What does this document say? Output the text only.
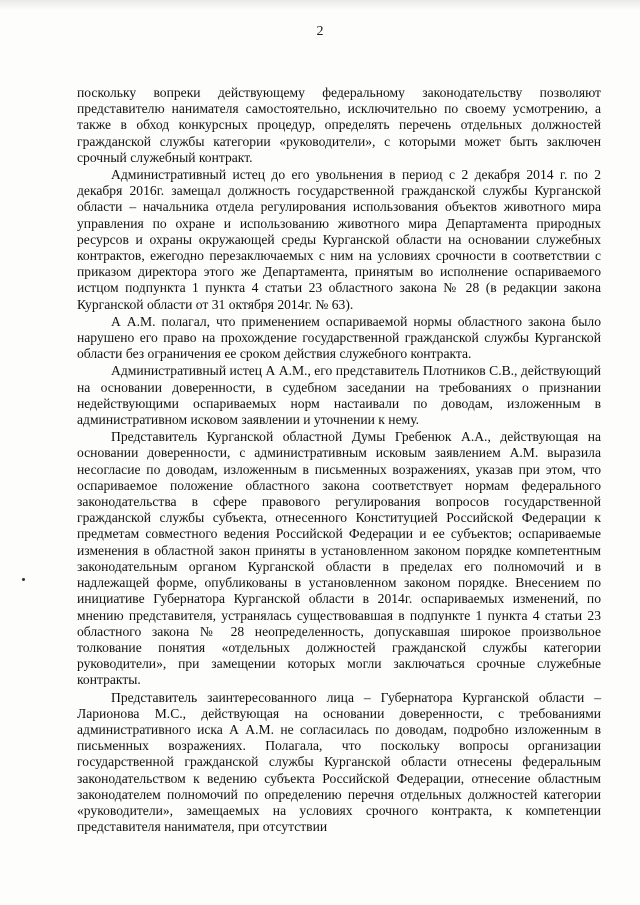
2

поскольку вопреки действующему федеральному законодательству позволяют представителю нанимателя самостоятельно, исключительно по своему усмотрению, а также в обход конкурсных процедур, определять перечень отдельных должностей гражданской службы категории «руководители», с которыми может быть заключен срочный служебный контракт.

Административный истец до его увольнения в период с 2 декабря 2014 г. по 2 декабря 2016г. замещал должность государственной гражданской службы Курганской области – начальника отдела регулирования использования объектов животного мира управления по охране и использованию животного мира Департамента природных ресурсов и охраны окружающей среды Курганской области на основании служебных контрактов, ежегодно перезаключаемых с ним на условиях срочности в соответствии с приказом директора этого же Департамента, принятым во исполнение оспариваемого истцом подпункта 1 пункта 4 статьи 23 областного закона № 28 (в редакции закона Курганской области от 31 октября 2014г. № 63).

А А.М. полагал, что применением оспариваемой нормы областного закона было нарушено его право на прохождение государственной гражданской службы Курганской области без ограничения ее сроком действия служебного контракта.

Административный истец А А.М., его представитель Плотников С.В., действующий на основании доверенности, в судебном заседании на требованиях о признании недействующими оспариваемых норм настаивали по доводам, изложенным в административном исковом заявлении и уточнении к нему.

Представитель Курганской областной Думы Гребенюк А.А., действующая на основании доверенности, с административным исковым заявлением А.М. выразила несогласие по доводам, изложенным в письменных возражениях, указав при этом, что оспариваемое положение областного закона соответствует нормам федерального законодательства в сфере правового регулирования вопросов государственной гражданской службы субъекта, отнесенного Конституцией Российской Федерации к предметам совместного ведения Российской Федерации и ее субъектов; оспариваемые изменения в областной закон приняты в установленном законом порядке компетентным законодательным органом Курганской области в пределах его полномочий и в надлежащей форме, опубликованы в установленном законом порядке. Внесением по инициативе Губернатора Курганской области в 2014г. оспариваемых изменений, по мнению представителя, устранялась существовавшая в подпункте 1 пункта 4 статьи 23 областного закона № 28 неопределенность, допускавшая широкое произвольное толкование понятия «отдельных должностей гражданской службы категории руководители», при замещении которых могли заключаться срочные служебные контракты.

Представитель заинтересованного лица – Губернатора Курганской области – Ларионова М.С., действующая на основании доверенности, с требованиями административного иска А А.М. не согласилась по доводам, подробно изложенным в письменных возражениях. Полагала, что поскольку вопросы организации государственной гражданской службы Курганской области отнесены федеральным законодательством к ведению субъекта Российской Федерации, отнесение областным законодателем полномочий по определению перечня отдельных должностей категории «руководители», замещаемых на условиях срочного контракта, к компетенции представителя нанимателя, при отсутствии
